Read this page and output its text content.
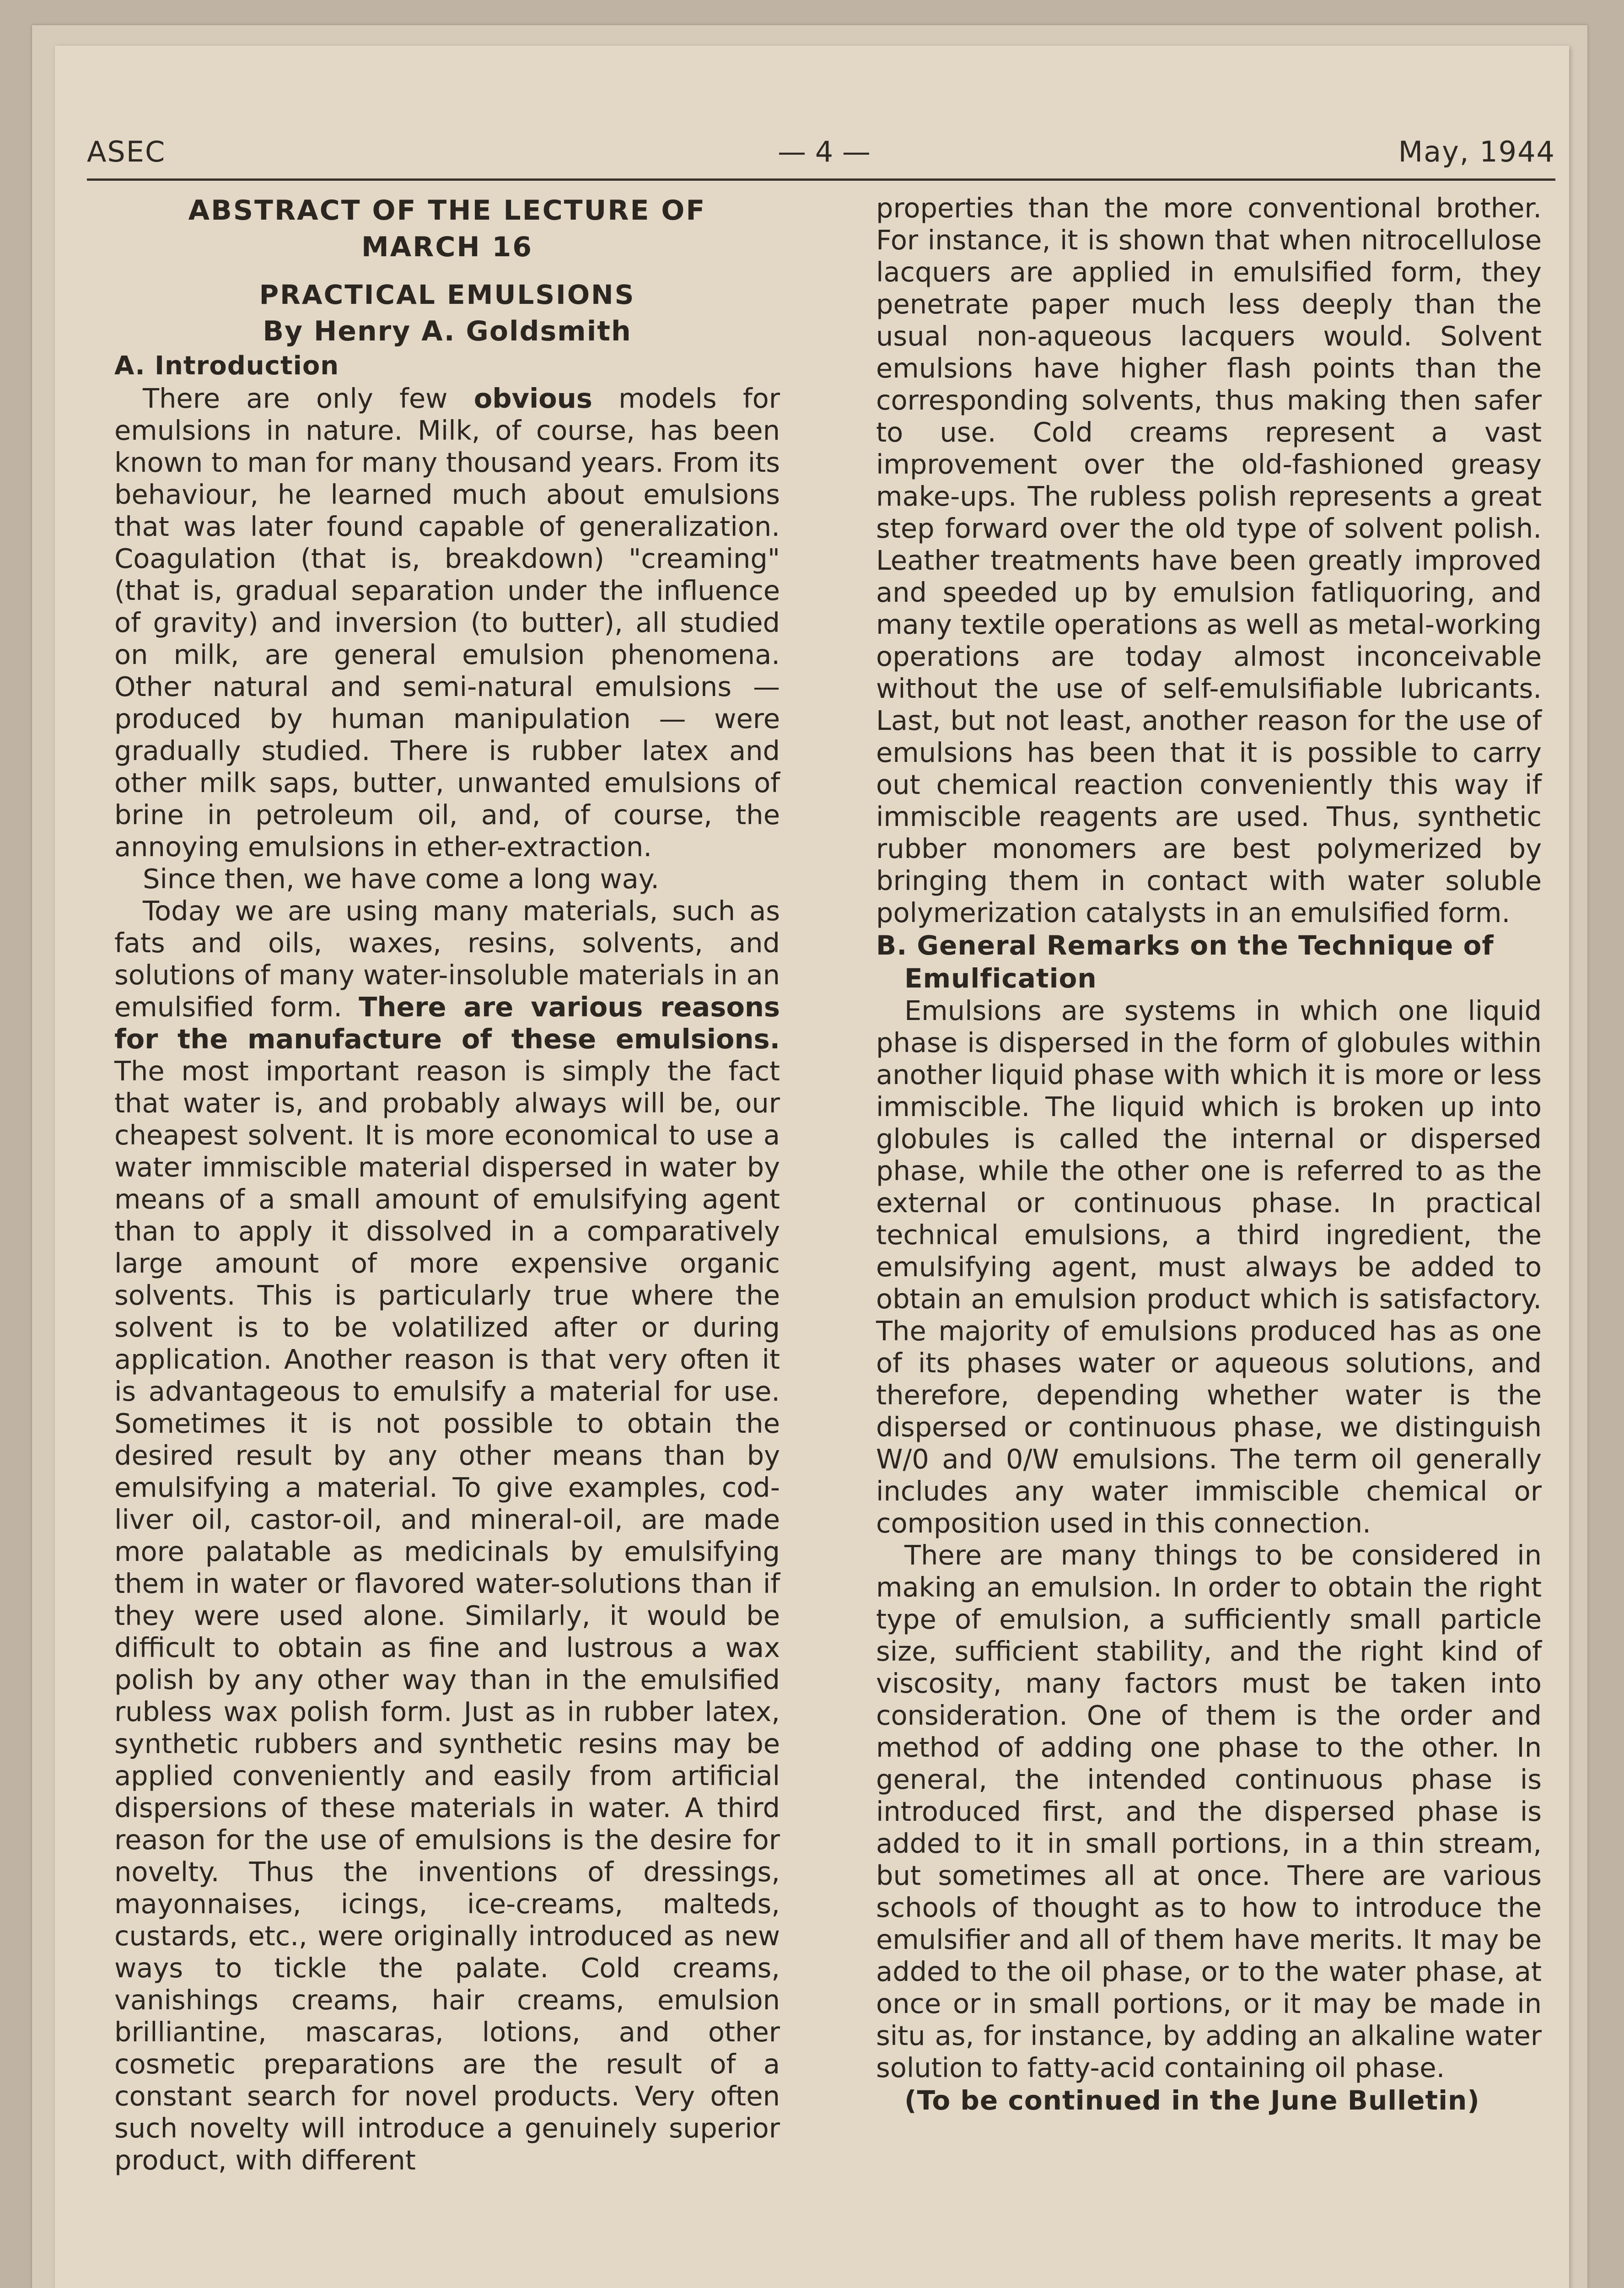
ASEC	— 4 —	May, 1944
ABSTRACT OF THE LECTURE OF
MARCH 16
PRACTICAL EMULSIONS
By Henry A. Goldsmith

A. Introduction

There are only few obvious models for emulsions in nature. Milk, of course, has been known to man for many thousand years. From its behaviour, he learned much about emulsions that was later found capable of generalization. Coagulation (that is, breakdown) "creaming" (that is, gradual separation under the influence of gravity) and inversion (to butter), all studied on milk, are general emulsion phenomena. Other natural and semi-natural emulsions — produced by human manipulation — were gradually studied. There is rubber latex and other milk saps, butter, unwanted emulsions of brine in petroleum oil, and, of course, the annoying emulsions in ether-extraction.

Since then, we have come a long way.

Today we are using many materials, such as fats and oils, waxes, resins, solvents, and solutions of many water-insoluble materials in an emulsified form. There are various reasons for the manufacture of these emulsions. The most important reason is simply the fact that water is, and probably always will be, our cheapest solvent. It is more economical to use a water immiscible material dispersed in water by means of a small amount of emulsifying agent than to apply it dissolved in a comparatively large amount of more expensive organic solvents. This is particularly true where the solvent is to be volatilized after or during application. Another reason is that very often it is advantageous to emulsify a material for use. Sometimes it is not possible to obtain the desired result by any other means than by emulsifying a material. To give examples, cod-liver oil, castor-oil, and mineral-oil, are made more palatable as medicinals by emulsifying them in water or flavored water-solutions than if they were used alone. Similarly, it would be difficult to obtain as fine and lustrous a wax polish by any other way than in the emulsified rubless wax polish form. Just as in rubber latex, synthetic rubbers and synthetic resins may be applied conveniently and easily from artificial dispersions of these materials in water. A third reason for the use of emulsions is the desire for novelty. Thus the inventions of dressings, mayonnaises, icings, ice-creams, malteds, custards, etc., were originally introduced as new ways to tickle the palate. Cold creams, vanishings creams, hair creams, emulsion brilliantine, mascaras, lotions, and other cosmetic preparations are the result of a constant search for novel products. Very often such novelty will introduce a genuinely superior product, with different

properties than the more conventional brother. For instance, it is shown that when nitrocellulose lacquers are applied in emulsified form, they penetrate paper much less deeply than the usual non-aqueous lacquers would. Solvent emulsions have higher flash points than the corresponding solvents, thus making then safer to use. Cold creams represent a vast improvement over the old-fashioned greasy make-ups. The rubless polish represents a great step forward over the old type of solvent polish. Leather treatments have been greatly improved and speeded up by emulsion fatliquoring, and many textile operations as well as metal-working operations are today almost inconceivable without the use of self-emulsifiable lubricants. Last, but not least, another reason for the use of emulsions has been that it is possible to carry out chemical reaction conveniently this way if immiscible reagents are used. Thus, synthetic rubber monomers are best polymerized by bringing them in contact with water soluble polymerization catalysts in an emulsified form.

B. General Remarks on the Technique of
Emulfication

Emulsions are systems in which one liquid phase is dispersed in the form of globules within another liquid phase with which it is more or less immiscible. The liquid which is broken up into globules is called the internal or dispersed phase, while the other one is referred to as the external or continuous phase. In practical technical emulsions, a third ingredient, the emulsifying agent, must always be added to obtain an emulsion product which is satisfactory. The majority of emulsions produced has as one of its phases water or aqueous solutions, and therefore, depending whether water is the dispersed or continuous phase, we distinguish W/0 and 0/W emulsions. The term oil generally includes any water immiscible chemical or composition used in this connection.

There are many things to be considered in making an emulsion. In order to obtain the right type of emulsion, a sufficiently small particle size, sufficient stability, and the right kind of viscosity, many factors must be taken into consideration. One of them is the order and method of adding one phase to the other. In general, the intended continuous phase is introduced first, and the dispersed phase is added to it in small portions, in a thin stream, but sometimes all at once. There are various schools of thought as to how to introduce the emulsifier and all of them have merits. It may be added to the oil phase, or to the water phase, at once or in small portions, or it may be made in situ as, for instance, by adding an alkaline water solution to fatty-acid containing oil phase.

(To be continued in the June Bulletin)
